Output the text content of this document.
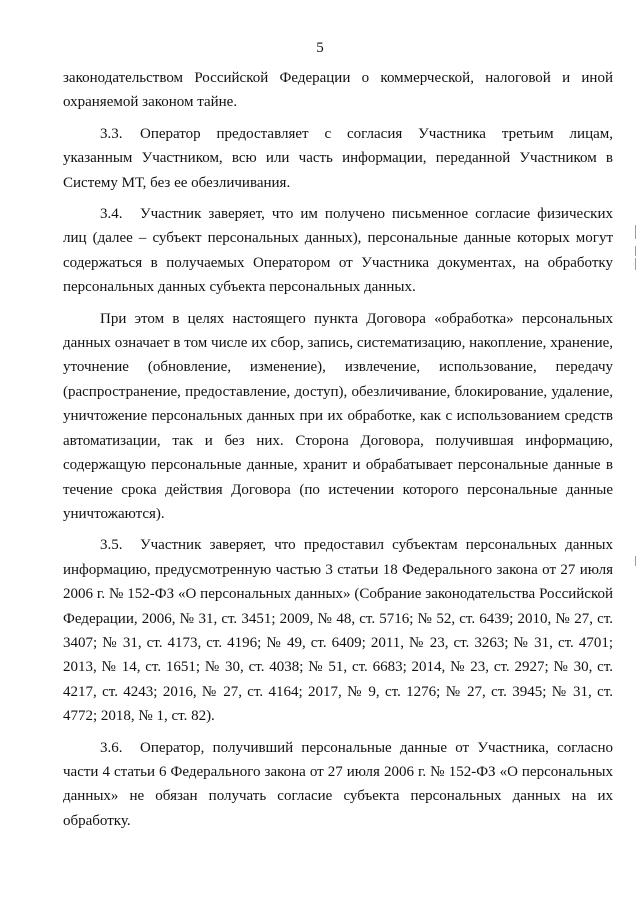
5

законодательством Российской Федерации о коммерческой, налоговой и иной охраняемой законом тайне.

3.3. Оператор предоставляет с согласия Участника третьим лицам, указанным Участником, всю или часть информации, переданной Участником в Систему МТ, без ее обезличивания.

3.4. Участник заверяет, что им получено письменное согласие физических лиц (далее – субъект персональных данных), персональные данные которых могут содержаться в получаемых Оператором от Участника документах, на обработку персональных данных субъекта персональных данных.

При этом в целях настоящего пункта Договора «обработка» персональных данных означает в том числе их сбор, запись, систематизацию, накопление, хранение, уточнение (обновление, изменение), извлечение, использование, передачу (распространение, предоставление, доступ), обезличивание, блокирование, удаление, уничтожение персональных данных при их обработке, как с использованием средств автоматизации, так и без них. Сторона Договора, получившая информацию, содержащую персональные данные, хранит и обрабатывает персональные данные в течение срока действия Договора (по истечении которого персональные данные уничтожаются).

3.5. Участник заверяет, что предоставил субъектам персональных данных информацию, предусмотренную частью 3 статьи 18 Федерального закона от 27 июля 2006 г. № 152-ФЗ «О персональных данных» (Собрание законодательства Российской Федерации, 2006, № 31, ст. 3451; 2009, № 48, ст. 5716; № 52, ст. 6439; 2010, № 27, ст. 3407; № 31, ст. 4173, ст. 4196; № 49, ст. 6409; 2011, № 23, ст. 3263; № 31, ст. 4701; 2013, № 14, ст. 1651; № 30, ст. 4038; № 51, ст. 6683; 2014, № 23, ст. 2927; № 30, ст. 4217, ст. 4243; 2016, № 27, ст. 4164; 2017, № 9, ст. 1276; № 27, ст. 3945; № 31, ст. 4772; 2018, № 1, ст. 82).

3.6. Оператор, получивший персональные данные от Участника, согласно части 4 статьи 6 Федерального закона от 27 июля 2006 г. № 152-ФЗ «О персональных данных» не обязан получать согласие субъекта персональных данных на их обработку.
